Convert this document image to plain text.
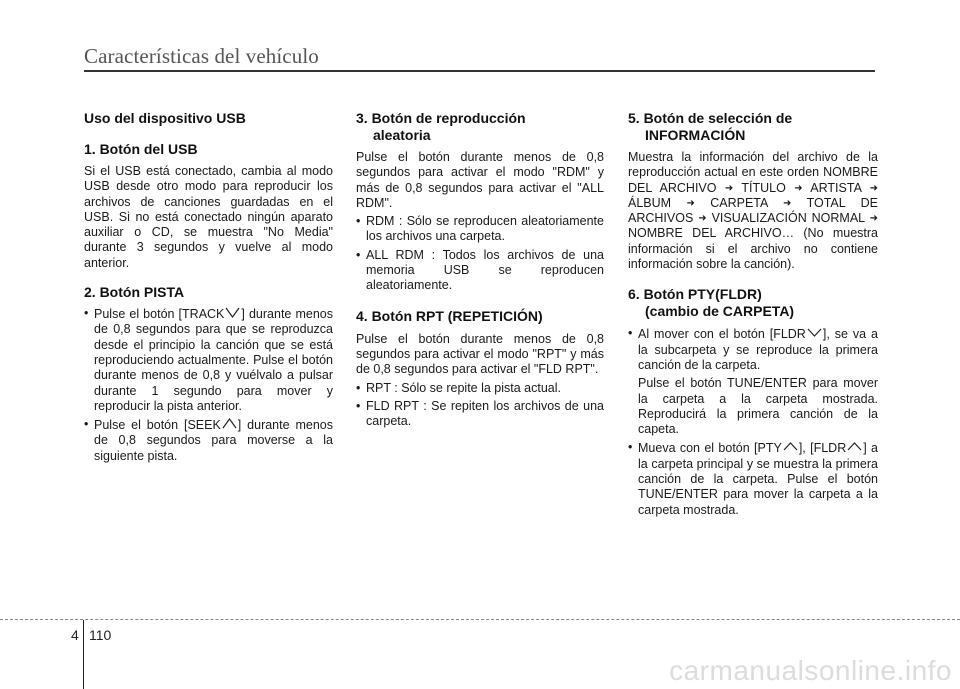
Características del vehículo
Uso del dispositivo USB
1. Botón del USB

Si el USB está conectado, cambia al modo USB desde otro modo para reproducir los archivos de canciones guardadas en el USB. Si no está conectado ningún aparato auxiliar o CD, se muestra "No Media" durante 3 segundos y vuelve al modo anterior.

2. Botón PISTA
• Pulse el botón [TRACK ] durante menos de 0,8 segundos para que se reproduzca desde el principio la canción que se está reproduciendo actualmente. Pulse el botón durante menos de 0,8 y vuélvalo a pulsar durante 1 segundo para mover y reproducir la pista anterior.
• Pulse el botón [SEEK ] durante menos de 0,8 segundos para moverse a la siguiente pista.
3. Botón de reproducción
aleatoria

Pulse el botón durante menos de 0,8 segundos para activar el modo "RDM" y más de 0,8 segundos para activar el "ALL RDM".

• RDM : Sólo se reproducen aleatoriamente los archivos una carpeta.
• ALL RDM : Todos los archivos de una memoria USB se reproducen aleatoriamente.
4. Botón RPT (REPETICIÓN)

Pulse el botón durante menos de 0,8 segundos para activar el modo "RPT" y más de 0,8 segundos para activar el "FLD RPT".

• RPT : Sólo se repite la pista actual.
• FLD RPT : Se repiten los archivos de una carpeta.
5. Botón de selección de
INFORMACIÓN

Muestra la información del archivo de la reproducción actual en este orden NOMBRE DEL ARCHIVO ➜ TÍTULO ➜ ARTISTA ➜ ÁLBUM ➜ CARPETA ➜ TOTAL DE ARCHIVOS ➜ VISUALIZACIÓN NORMAL ➜ NOMBRE DEL ARCHIVO… (No muestra información si el archivo no contiene información sobre la canción).

6. Botón PTY(FLDR)
(cambio de CARPETA)
• Al mover con el botón [FLDR ], se va a la subcarpeta y se reproduce la primera canción de la carpeta.
Pulse el botón TUNE/ENTER para mover la carpeta a la carpeta mostrada. Reproducirá la primera canción de la capeta.
• Mueva con el botón [PTY ], [FLDR ] a la carpeta principal y se muestra la primera canción de la carpeta. Pulse el botón TUNE/ENTER para mover la carpeta a la carpeta mostrada.
4 110
carmanualsonline.info
